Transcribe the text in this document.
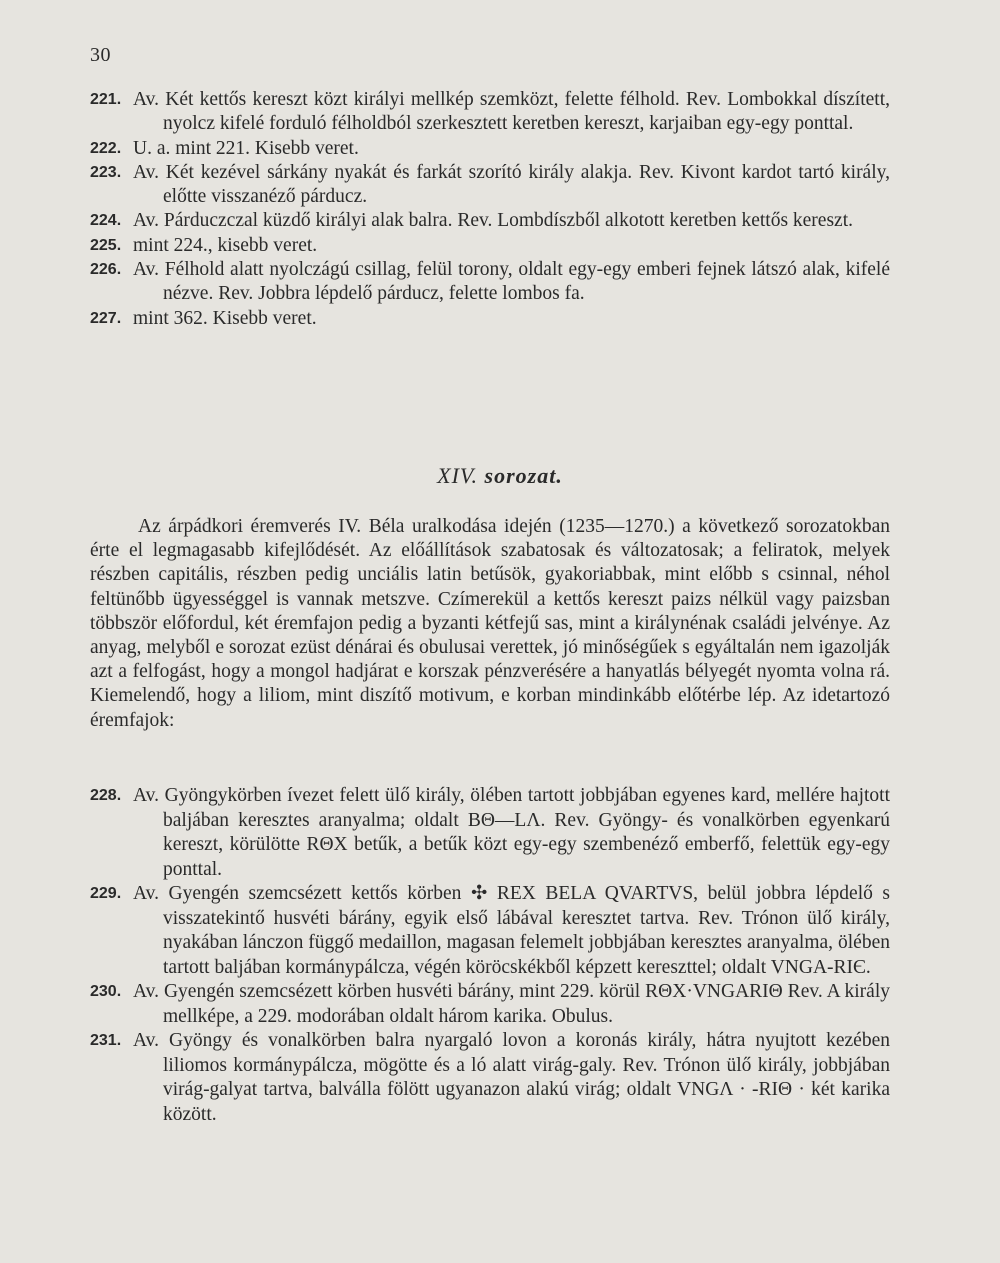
30
221. Av. Két kettős kereszt közt királyi mellkép szemközt, felette félhold. Rev. Lombokkal díszített, nyolcz kifelé forduló félholdból szerkesztett keretben kereszt, karjaiban egy-egy ponttal.
222. U. a. mint 221. Kisebb veret.
223. Av. Két kezével sárkány nyakát és farkát szorító király alakja. Rev. Kivont kardot tartó király, előtte visszanéző párducz.
224. Av. Párduczczal küzdő királyi alak balra. Rev. Lombdíszből alkotott keretben kettős kereszt.
225. mint 224., kisebb veret.
226. Av. Félhold alatt nyolczágú csillag, felül torony, oldalt egy-egy emberi fejnek látszó alak, kifelé nézve. Rev. Jobbra lépdelő párducz, felette lombos fa.
227. mint 362. Kisebb veret.
XIV. sorozat.

Az árpádkori éremverés IV. Béla uralkodása idején (1235—1270.) a következő sorozatokban érte el legmagasabb kifejlődését. Az előállítások szabatosak és változatosak; a feliratok, melyek részben capitális, részben pedig unciális latin betűsök, gyakoriabbak, mint előbb s csinnal, néhol feltünőbb ügyességgel is vannak metszve. Czímerekül a kettős kereszt paizs nélkül vagy paizsban többször előfordul, két éremfajon pedig a byzanti kétfejű sas, mint a királynénak családi jelvénye. Az anyag, melyből e sorozat ezüst dénárai és obulusai verettek, jó minőségűek s egyáltalán nem igazolják azt a felfogást, hogy a mongol hadjárat e korszak pénzverésére a hanyatlás bélyegét nyomta volna rá. Kiemelendő, hogy a liliom, mint diszítő motivum, e korban mindinkább előtérbe lép. Az idetartozó éremfajok:

228. Av. Gyöngykörben ívezet felett ülő király, ölében tartott jobbjában egyenes kard, mellére hajtott baljában keresztes aranyalma; oldalt BΘ—LΛ. Rev. Gyöngy- és vonalkörben egyenkarú kereszt, körülötte RΘX betűk, a betűk közt egy-egy szembenéző emberfő, felettük egy-egy ponttal.
229. Av. Gyengén szemcsézett kettős körben ✣ REX BELA QVARTVS, belül jobbra lépdelő s visszatekintő husvéti bárány, egyik első lábával keresztet tartva. Rev. Trónon ülő király, nyakában lánczon függő medaillon, magasan felemelt jobbjában keresztes aranyalma, ölében tartott baljában kormánypálcza, végén köröcskékből képzett kereszttel; oldalt VNGA-RIЄ.
230. Av. Gyengén szemcsézett körben husvéti bárány, mint 229. körül RΘX·VNGARIΘ Rev. A király mellképe, a 229. modorában oldalt három karika. Obulus.
231. Av. Gyöngy és vonalkörben balra nyargaló lovon a koronás király, hátra nyujtott kezében liliomos kormánypálcza, mögötte és a ló alatt virág-galy. Rev. Trónon ülő király, jobbjában virág-galyat tartva, balválla fölött ugyanazon alakú virág; oldalt VNGΛ · -RIΘ · két karika között.
